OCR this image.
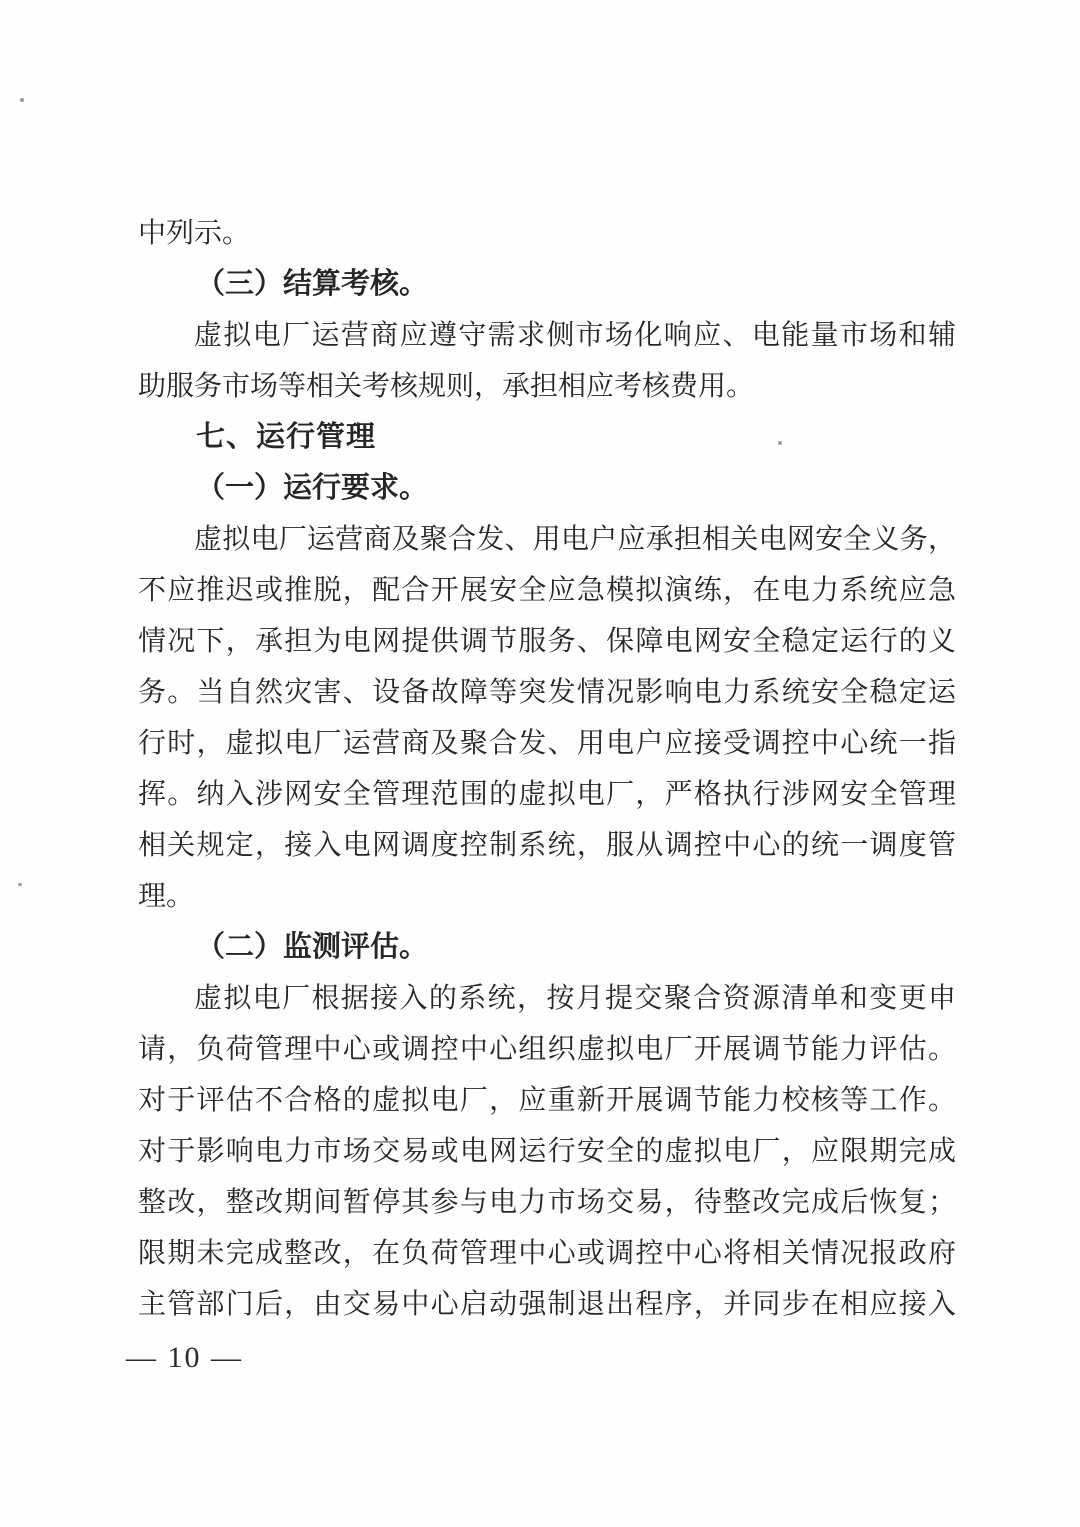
中列示。
（三）结算考核。
虚拟电厂运营商应遵守需求侧市场化响应、电能量市场和辅
助服务市场等相关考核规则，承担相应考核费用。
七、运行管理
（一）运行要求。
虚拟电厂运营商及聚合发、用电户应承担相关电网安全义务，
不应推迟或推脱，配合开展安全应急模拟演练，在电力系统应急
情况下，承担为电网提供调节服务、保障电网安全稳定运行的义
务。当自然灾害、设备故障等突发情况影响电力系统安全稳定运
行时，虚拟电厂运营商及聚合发、用电户应接受调控中心统一指
挥。纳入涉网安全管理范围的虚拟电厂，严格执行涉网安全管理
相关规定，接入电网调度控制系统，服从调控中心的统一调度管
理。
（二）监测评估。
虚拟电厂根据接入的系统，按月提交聚合资源清单和变更申
请，负荷管理中心或调控中心组织虚拟电厂开展调节能力评估。
对于评估不合格的虚拟电厂，应重新开展调节能力校核等工作。
对于影响电力市场交易或电网运行安全的虚拟电厂，应限期完成
整改，整改期间暂停其参与电力市场交易，待整改完成后恢复；
限期未完成整改，在负荷管理中心或调控中心将相关情况报政府
主管部门后，由交易中心启动强制退出程序，并同步在相应接入
— 10 —
